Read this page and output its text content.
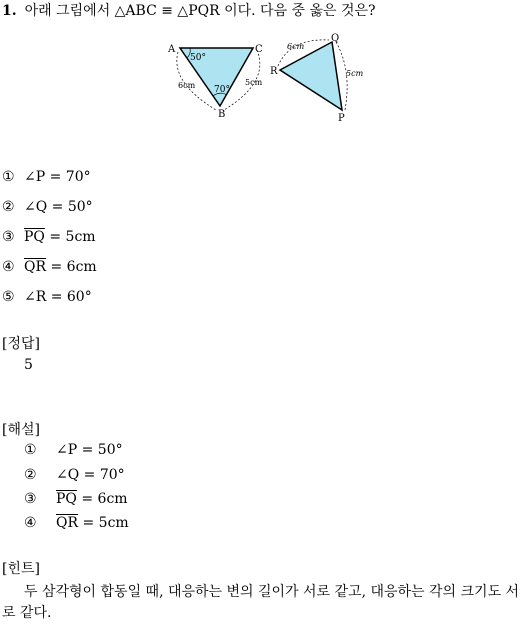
1. 아래 그림에서 △ABC ≡ △PQR 이다. 다음 중 옳은 것은?
A	C
B
50°
70°
6cm	5cm
R
Q
P
6cm
5cm
① ∠P = 70°
② ∠Q = 50°
③ $\overline{PQ} = 5cm$
④ $\overline{QR} = 6cm$
⑤ ∠R = 60°
[정답]
5
[해설]
① ∠P = 50°
② ∠Q = 70°
③ $\overline{PQ} = 6cm$
④ $\overline{QR} = 5cm$
[힌트]
두 삼각형이 합동일 때, 대응하는 변의 길이가 서로 같고, 대응하는 각의 크기도 서로 같다.
